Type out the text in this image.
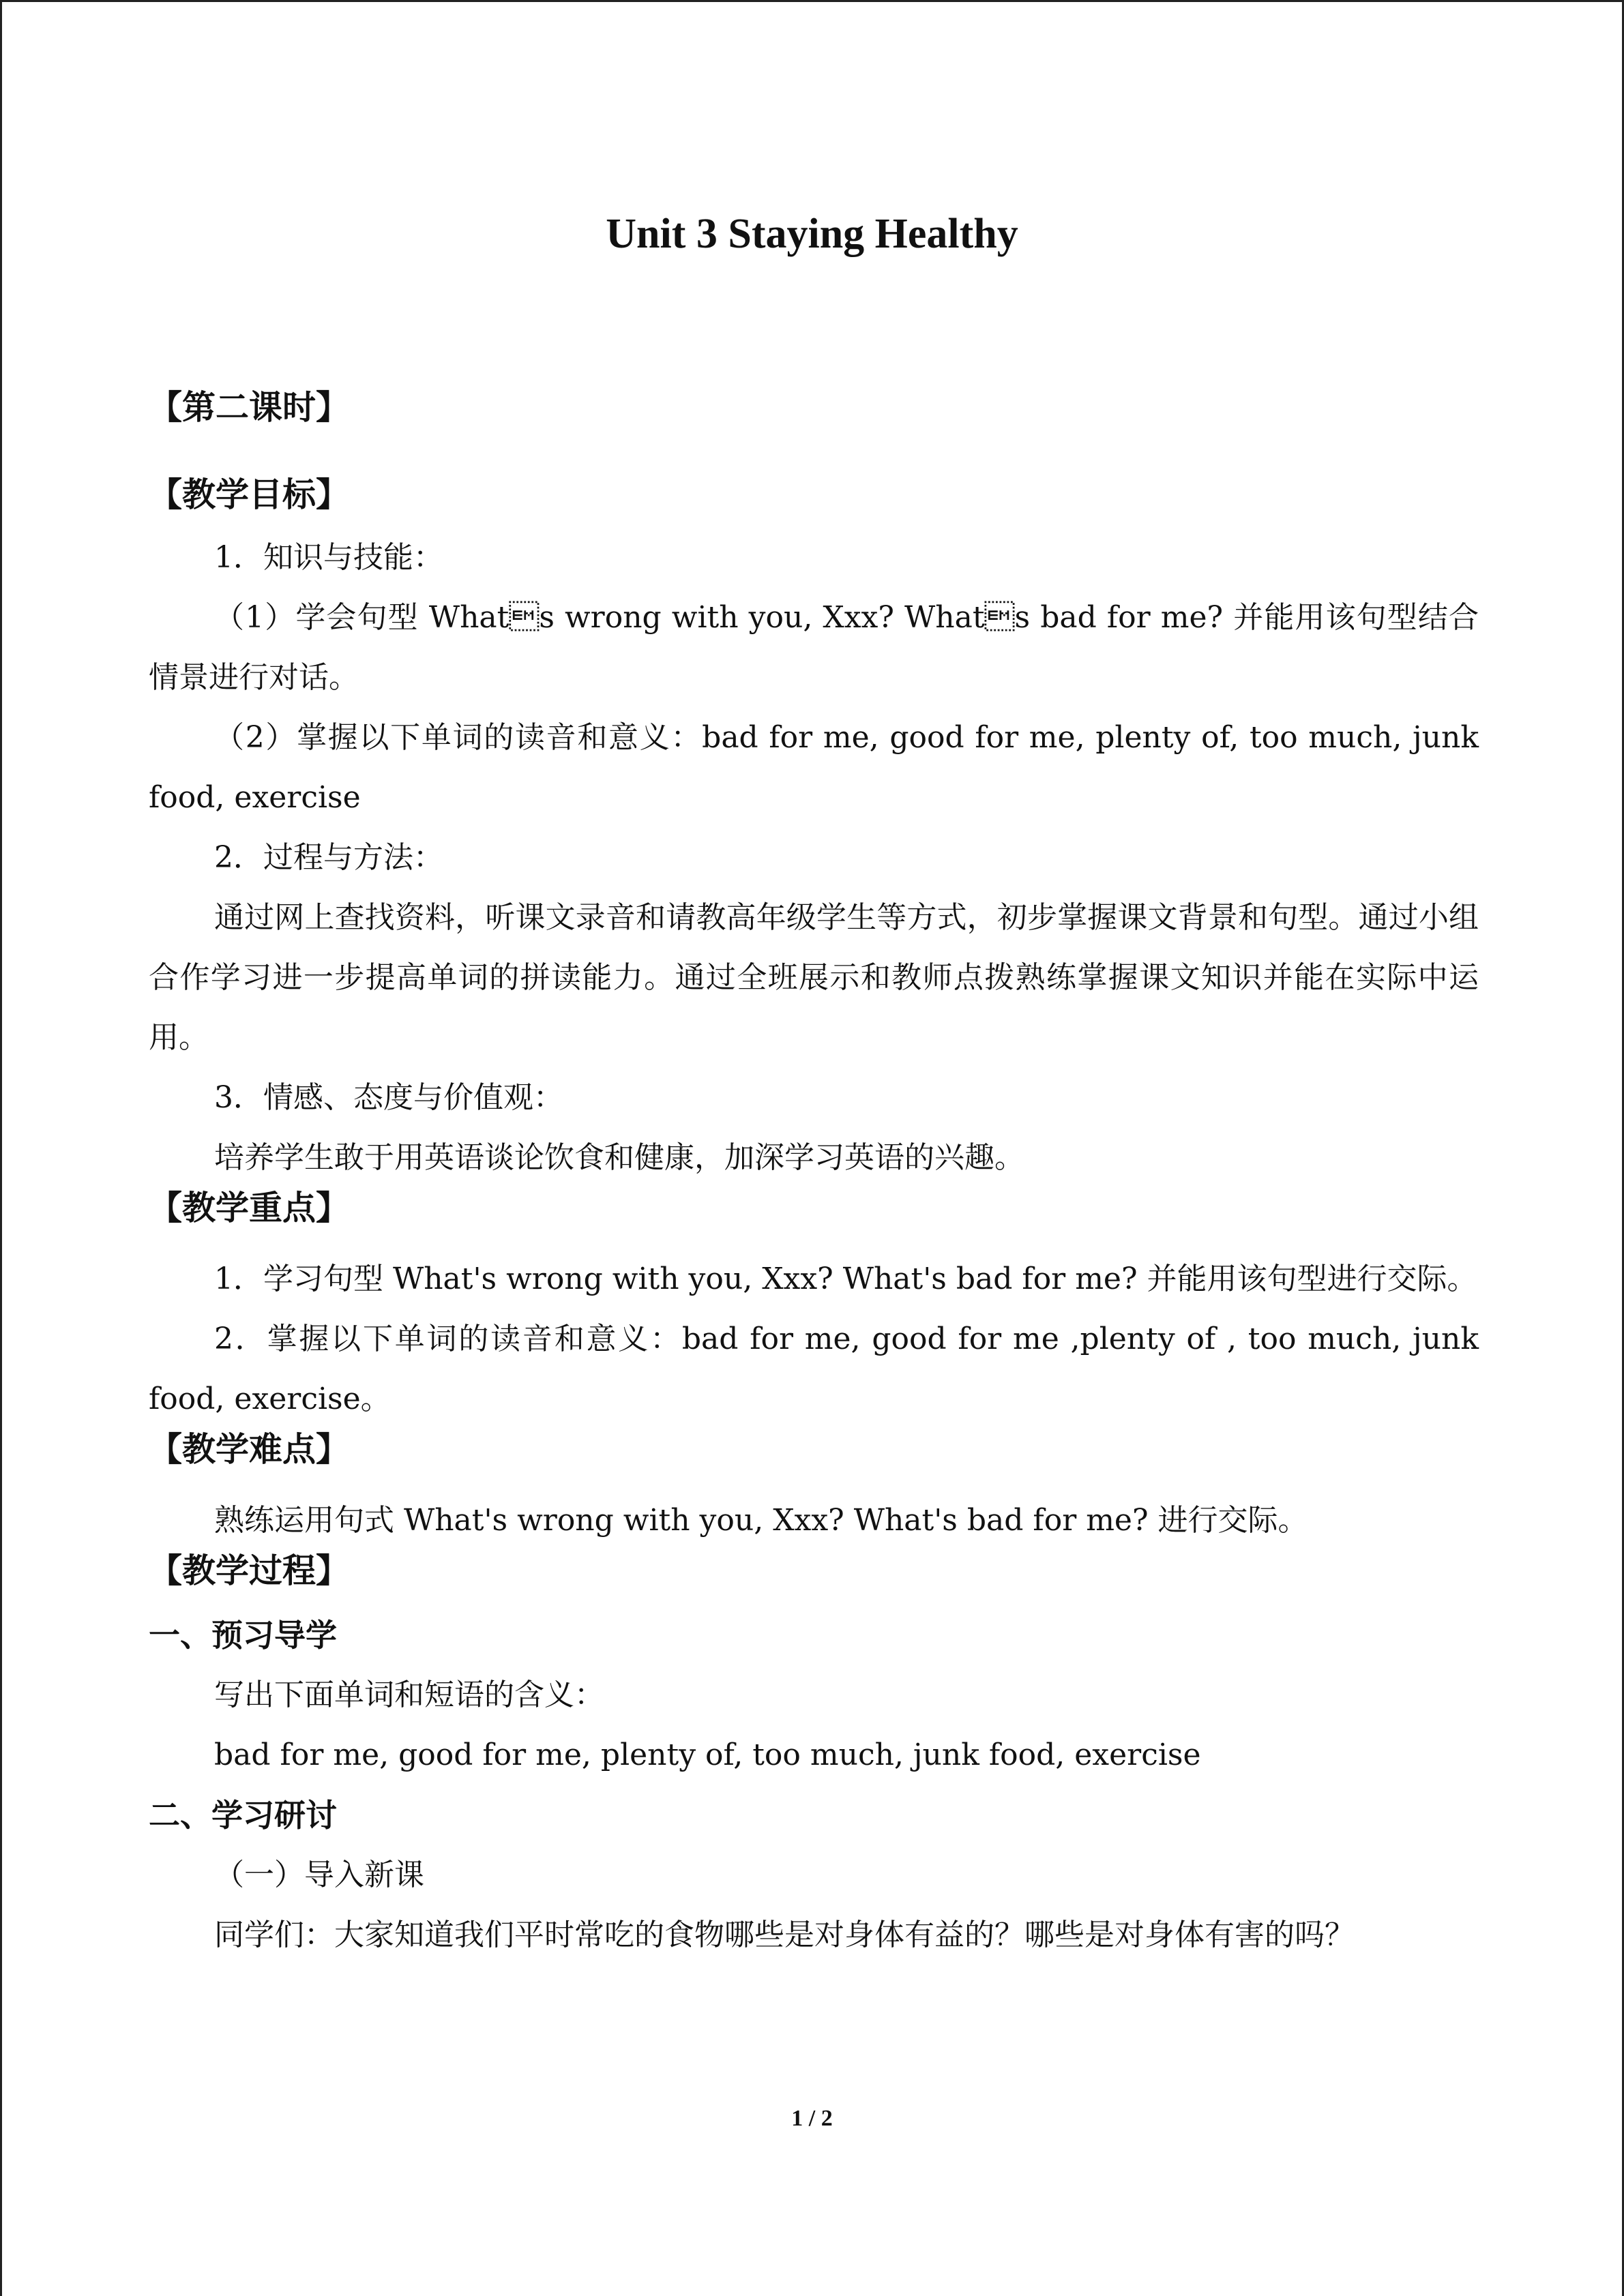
Unit 3 Staying Healthy

【第二课时】

【教学目标】

1．知识与技能：

（1）学会句型 Whats wrong with you, Xxx? Whats bad for me? 并能用该句型结合情景进行对话。

（2）掌握以下单词的读音和意义：bad for me, good for me, plenty of, too much, junk food, exercise

2．过程与方法：

通过网上查找资料，听课文录音和请教高年级学生等方式，初步掌握课文背景和句型。通过小组合作学习进一步提高单词的拼读能力。通过全班展示和教师点拨熟练掌握课文知识并能在实际中运用。

3．情感、态度与价值观：

培养学生敢于用英语谈论饮食和健康，加深学习英语的兴趣。

【教学重点】

1．学习句型 What's wrong with you, Xxx? What's bad for me? 并能用该句型进行交际。

2．掌握以下单词的读音和意义：bad for me, good for me ,plenty of , too much, junk food, exercise。

【教学难点】

熟练运用句式 What's wrong with you, Xxx? What's bad for me? 进行交际。

【教学过程】

一、预习导学

写出下面单词和短语的含义：

bad for me, good for me, plenty of, too much, junk food, exercise

二、学习研讨

（一）导入新课

同学们：大家知道我们平时常吃的食物哪些是对身体有益的？哪些是对身体有害的吗？

1 / 2
